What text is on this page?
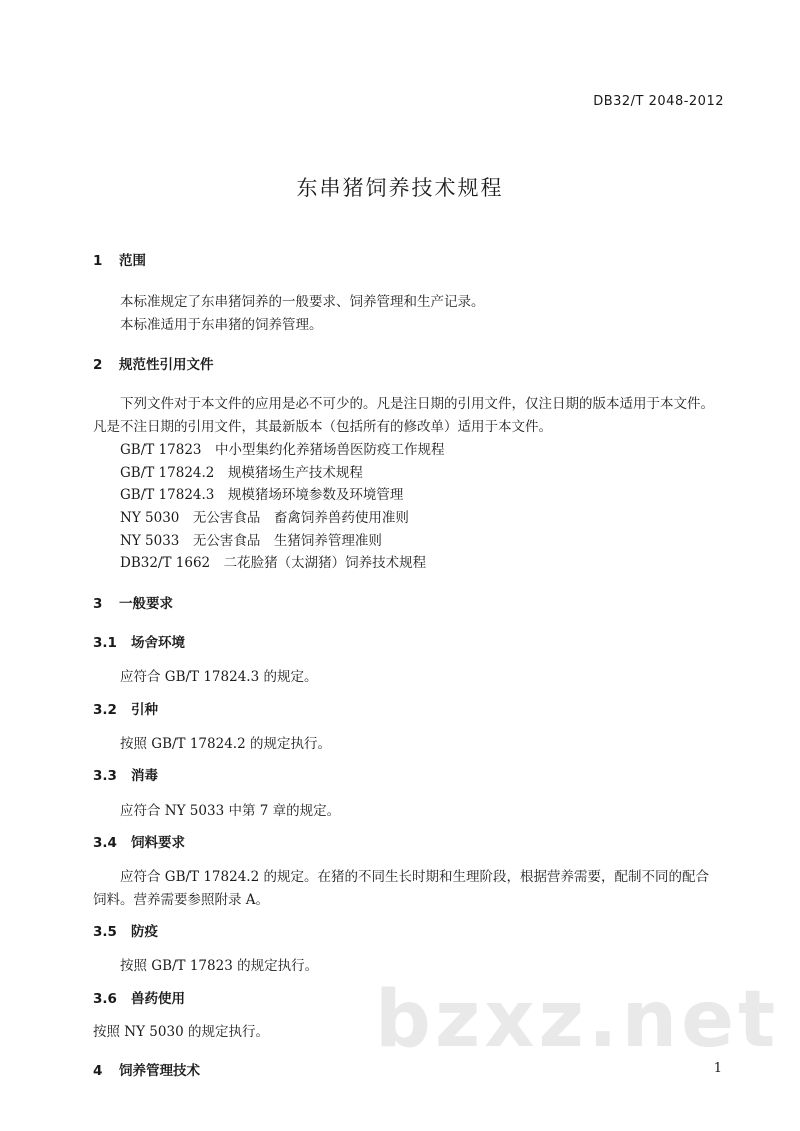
DB32/T 2048-2012
东串猪饲养技术规程
1 范围
本标准规定了东串猪饲养的一般要求、饲养管理和生产记录。
本标准适用于东串猪的饲养管理。
2 规范性引用文件
下列文件对于本文件的应用是必不可少的。凡是注日期的引用文件，仅注日期的版本适用于本文件。
凡是不注日期的引用文件，其最新版本（包括所有的修改单）适用于本文件。
GB/T 17823　中小型集约化养猪场兽医防疫工作规程
GB/T 17824.2　规模猪场生产技术规程
GB/T 17824.3　规模猪场环境参数及环境管理
NY 5030　无公害食品　畜禽饲养兽药使用准则
NY 5033　无公害食品　生猪饲养管理准则
DB32/T 1662　二花脸猪（太湖猪）饲养技术规程
3 一般要求
3.1 场舍环境
应符合 GB/T 17824.3 的规定。
3.2 引种
按照 GB/T 17824.2 的规定执行。
3.3 消毒
应符合 NY 5033 中第 7 章的规定。
3.4 饲料要求
应符合 GB/T 17824.2 的规定。在猪的不同生长时期和生理阶段，根据营养需要，配制不同的配合
饲料。营养需要参照附录 A。
3.5 防疫
按照 GB/T 17823 的规定执行。
3.6 兽药使用
按照 NY 5030 的规定执行。
4 饲养管理技术
bzxz.net
1
